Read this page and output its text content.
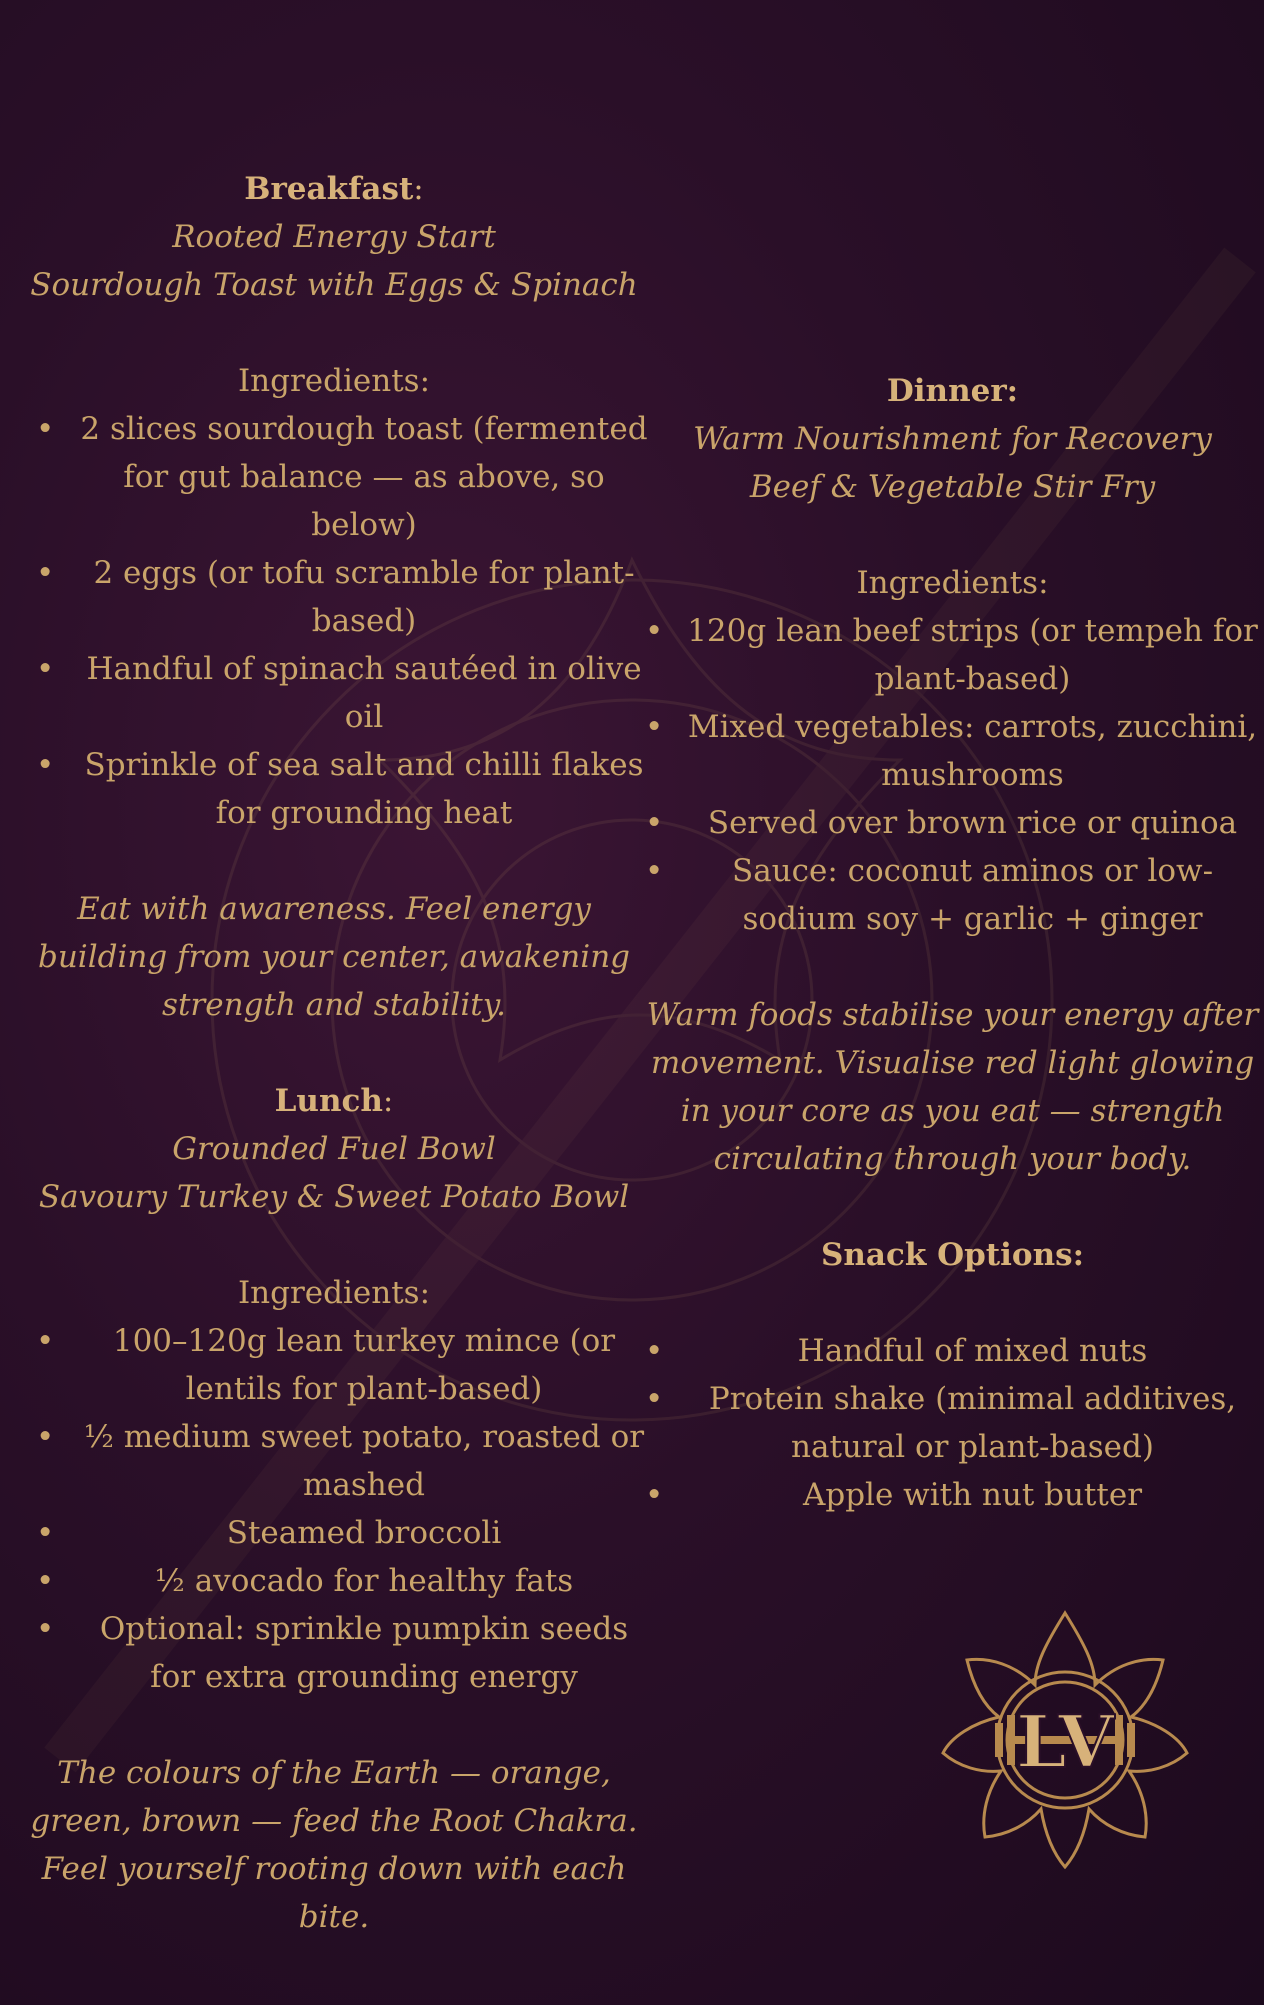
Breakfast:
Rooted Energy Start
Sourdough Toast with Eggs & Spinach
Ingredients:
• 2 slices sourdough toast (fermented for gut balance — as above, so below)
• 2 eggs (or tofu scramble for plant-based)
• Handful of spinach sautéed in olive oil
• Sprinkle of sea salt and chilli flakes for grounding heat
Eat with awareness. Feel energy building from your center, awakening strength and stability.
Lunch:
Grounded Fuel Bowl
Savoury Turkey & Sweet Potato Bowl
Ingredients:
• 100–120g lean turkey mince (or lentils for plant-based)
• ½ medium sweet potato, roasted or mashed
• Steamed broccoli
• ½ avocado for healthy fats
• Optional: sprinkle pumpkin seeds for extra grounding energy
The colours of the Earth — orange, green, brown — feed the Root Chakra. Feel yourself rooting down with each bite.
Dinner:
Warm Nourishment for Recovery
Beef & Vegetable Stir Fry
Ingredients:
• 120g lean beef strips (or tempeh for plant-based)
• Mixed vegetables: carrots, zucchini, mushrooms
• Served over brown rice or quinoa
• Sauce: coconut aminos or low-sodium soy + garlic + ginger
Warm foods stabilise your energy after movement. Visualise red light glowing in your core as you eat — strength circulating through your body.
Snack Options:
• Handful of mixed nuts
• Protein shake (minimal additives, natural or plant-based)
• Apple with nut butter
LV
